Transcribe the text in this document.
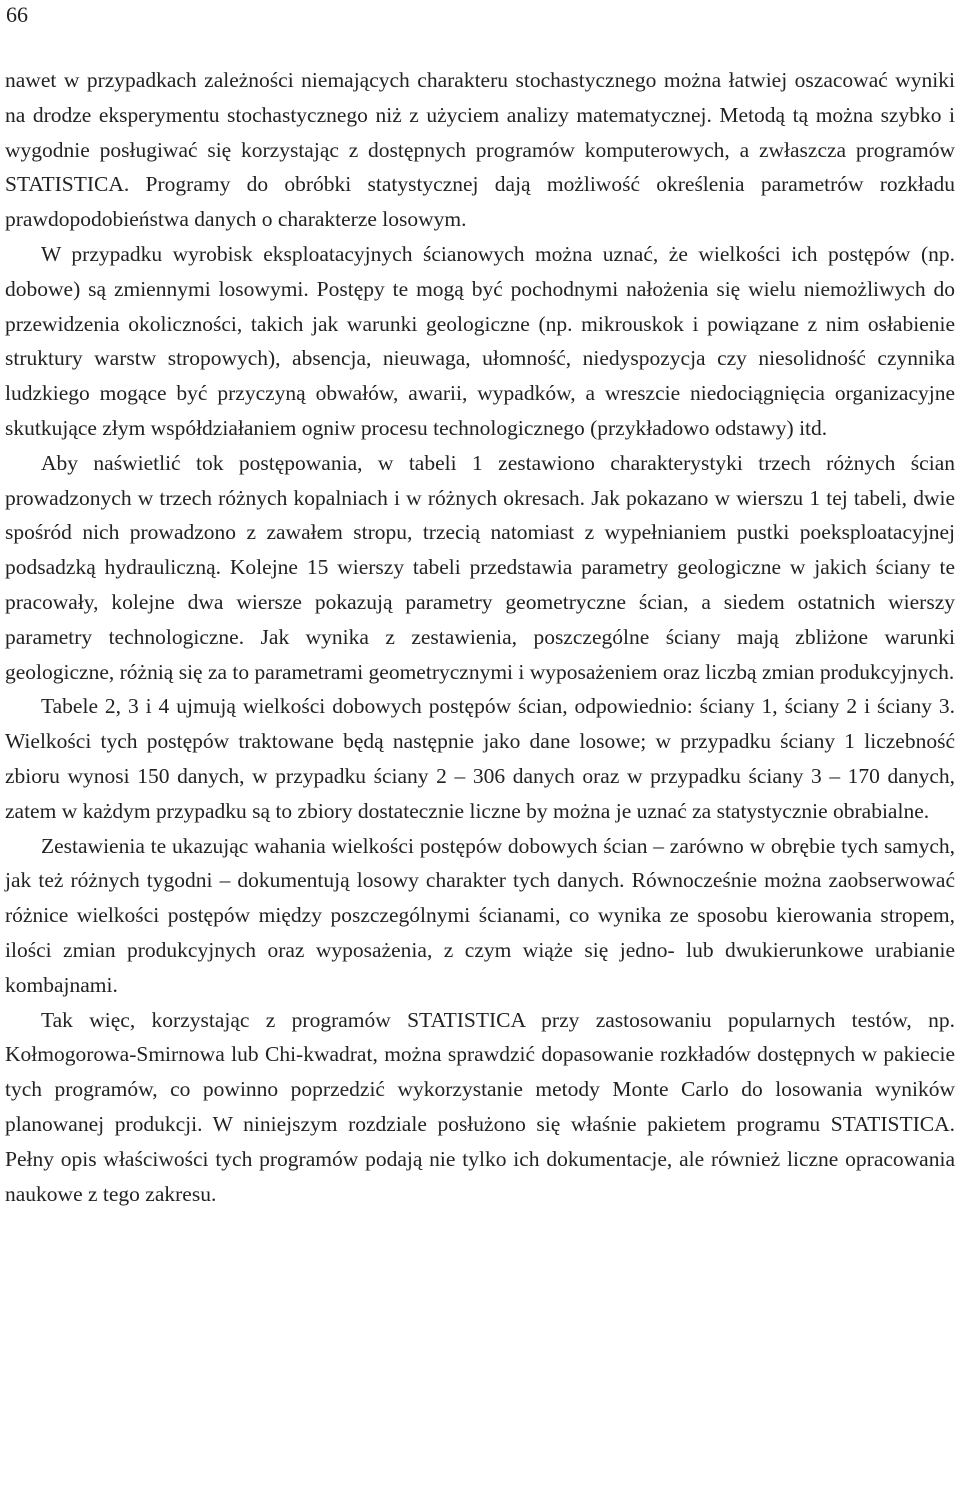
66

nawet w przypadkach zależności niemających charakteru stochastycznego można łatwiej oszacować wyniki na drodze eksperymentu stochastycznego niż z użyciem analizy matematycznej. Metodą tą można szybko i wygodnie posługiwać się korzystając z dostępnych programów komputerowych, a zwłaszcza programów STATISTICA. Programy do obróbki statystycznej dają możliwość określenia parametrów rozkładu prawdopodobieństwa danych o charakterze losowym.

W przypadku wyrobisk eksploatacyjnych ścianowych można uznać, że wielkości ich postępów (np. dobowe) są zmiennymi losowymi. Postępy te mogą być pochodnymi nałożenia się wielu niemożliwych do przewidzenia okoliczności, takich jak warunki geologiczne (np. mikrouskok i powiązane z nim osłabienie struktury warstw stropowych), absencja, nieuwaga, ułomność, niedyspozycja czy niesolidność czynnika ludzkiego mogące być przyczyną obwałów, awarii, wypadków, a wreszcie niedociągnięcia organizacyjne skutkujące złym współdziałaniem ogniw procesu technologicznego (przykładowo odstawy) itd.

Aby naświetlić tok postępowania, w tabeli 1 zestawiono charakterystyki trzech różnych ścian prowadzonych w trzech różnych kopalniach i w różnych okresach. Jak pokazano w wierszu 1 tej tabeli, dwie spośród nich prowadzono z zawałem stropu, trzecią natomiast z wypełnianiem pustki poeksploatacyjnej podsadzką hydrauliczną. Kolejne 15 wierszy tabeli przedstawia parametry geologiczne w jakich ściany te pracowały, kolejne dwa wiersze pokazują parametry geometryczne ścian, a siedem ostatnich wierszy parametry technologiczne. Jak wynika z zestawienia, poszczególne ściany mają zbliżone warunki geologiczne, różnią się za to parametrami geometrycznymi i wyposażeniem oraz liczbą zmian produkcyjnych.

Tabele 2, 3 i 4 ujmują wielkości dobowych postępów ścian, odpowiednio: ściany 1, ściany 2 i ściany 3. Wielkości tych postępów traktowane będą następnie jako dane losowe; w przypadku ściany 1 liczebność zbioru wynosi 150 danych, w przypadku ściany 2 – 306 danych oraz w przypadku ściany 3 – 170 danych, zatem w każdym przypadku są to zbiory dostatecznie liczne by można je uznać za statystycznie obrabialne.

Zestawienia te ukazując wahania wielkości postępów dobowych ścian – zarówno w obrębie tych samych, jak też różnych tygodni – dokumentują losowy charakter tych danych. Równocześnie można zaobserwować różnice wielkości postępów między poszczególnymi ścianami, co wynika ze sposobu kierowania stropem, ilości zmian produkcyjnych oraz wyposażenia, z czym wiąże się jedno- lub dwukierunkowe urabianie kombajnami.

Tak więc, korzystając z programów STATISTICA przy zastosowaniu popularnych testów, np. Kołmogorowa-Smirnowa lub Chi-kwadrat, można sprawdzić dopasowanie rozkładów dostępnych w pakiecie tych programów, co powinno poprzedzić wykorzystanie metody Monte Carlo do losowania wyników planowanej produkcji. W niniejszym rozdziale posłużono się właśnie pakietem programu STATISTICA. Pełny opis właściwości tych programów podają nie tylko ich dokumentacje, ale również liczne opracowania naukowe z tego zakresu.
